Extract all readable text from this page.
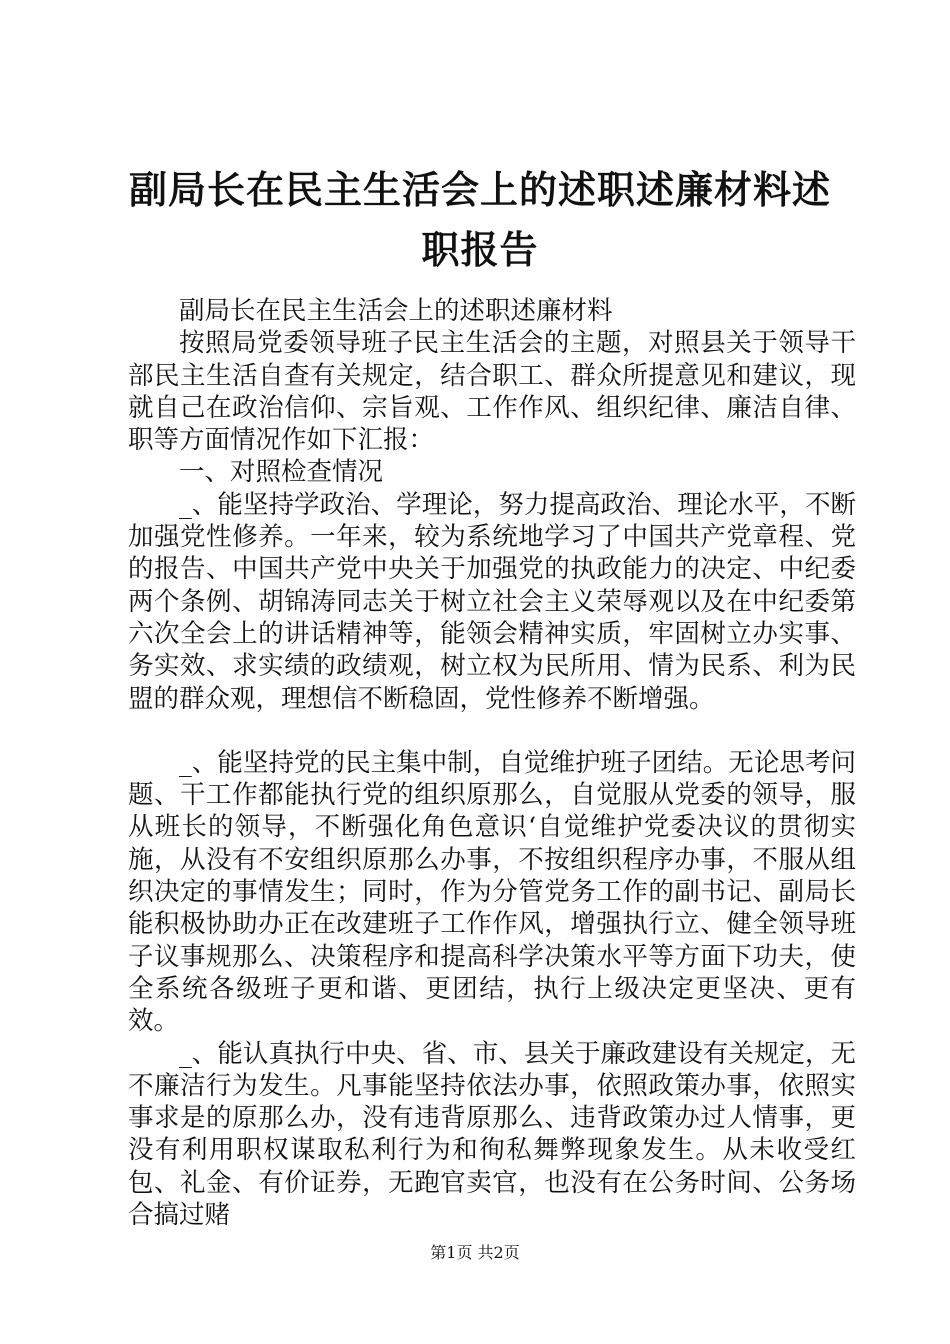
副局长在民主生活会上的述职述廉材料述职报告

副局长在民主生活会上的述职述廉材料

按照局党委领导班子民主生活会的主题，对照县关于领导干部民主生活自查有关规定，结合职工、群众所提意见和建议，现就自己在政治信仰、宗旨观、工作作风、组织纪律、廉洁自律、职等方面情况作如下汇报：

一、对照检查情况

_、能坚持学政治、学理论，努力提高政治、理论水平，不断加强党性修养。一年来，较为系统地学习了中国共产党章程、党的报告、中国共产党中央关于加强党的执政能力的决定、中纪委两个条例、胡锦涛同志关于树立社会主义荣辱观以及在中纪委第六次全会上的讲话精神等，能领会精神实质，牢固树立办实事、务实效、求实绩的政绩观，树立权为民所用、情为民系、利为民盟的群众观，理想信不断稳固，党性修养不断增强。

_、能坚持党的民主集中制，自觉维护班子团结。无论思考问题、干工作都能执行党的组织原那么，自觉服从党委的领导，服从班长的领导，不断强化角色意识‘自觉维护党委决议的贯彻实施，从没有不安组织原那么办事，不按组织程序办事，不服从组织决定的事情发生；同时，作为分管党务工作的副书记、副局长能积极协助办正在改建班子工作作风，增强执行立、健全领导班子议事规那么、决策程序和提高科学决策水平等方面下功夫，使全系统各级班子更和谐、更团结，执行上级决定更坚决、更有效。

_、能认真执行中央、省、市、县关于廉政建设有关规定，无不廉洁行为发生。凡事能坚持依法办事，依照政策办事，依照实事求是的原那么办，没有违背原那么、违背政策办过人情事，更没有利用职权谋取私利行为和徇私舞弊现象发生。从未收受红包、礼金、有价证券，无跑官卖官，也没有在公务时间、公务场合搞过赌

第1页 共2页
